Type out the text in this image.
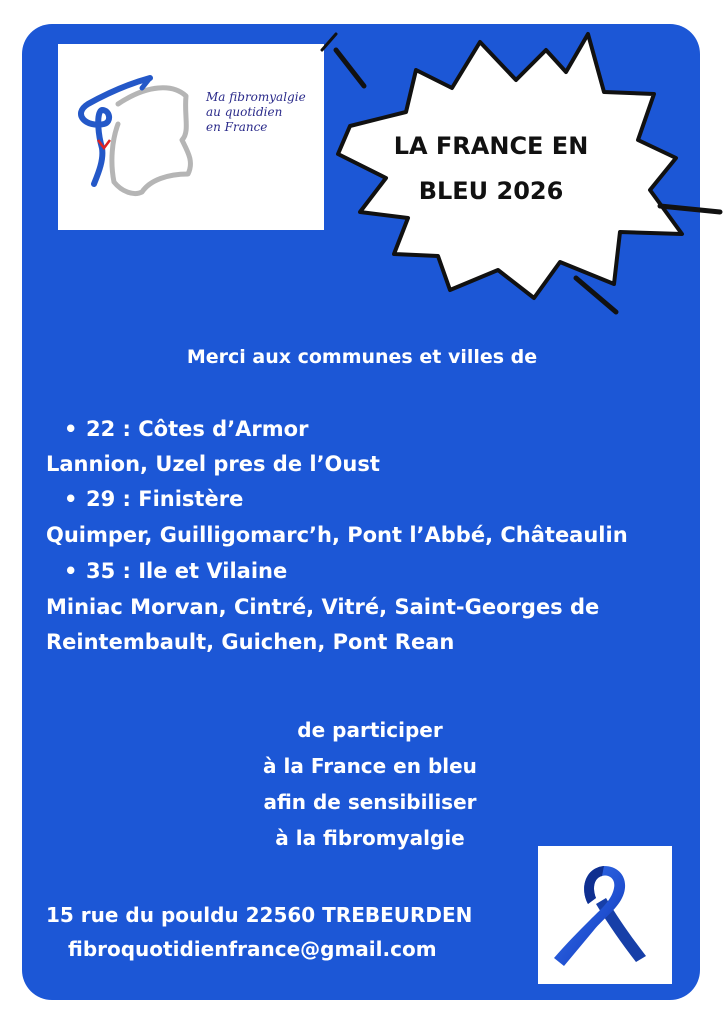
Ma fibromyalgie
au quotidien
en France
LA FRANCE EN
BLEU 2026
Merci aux communes et villes de
• 22 : Côtes d’Armor
Lannion, Uzel pres de l’Oust
• 29 : Finistère
Quimper, Guilligomarc’h, Pont l’Abbé, Châteaulin
• 35 : Ile et Vilaine
Miniac Morvan, Cintré, Vitré, Saint-Georges de
Reintembault, Guichen, Pont Rean
de participer
à la France en bleu
afin de sensibiliser
à la fibromyalgie
15 rue du pouldu 22560 TREBEURDEN
fibroquotidienfrance@gmail.com
